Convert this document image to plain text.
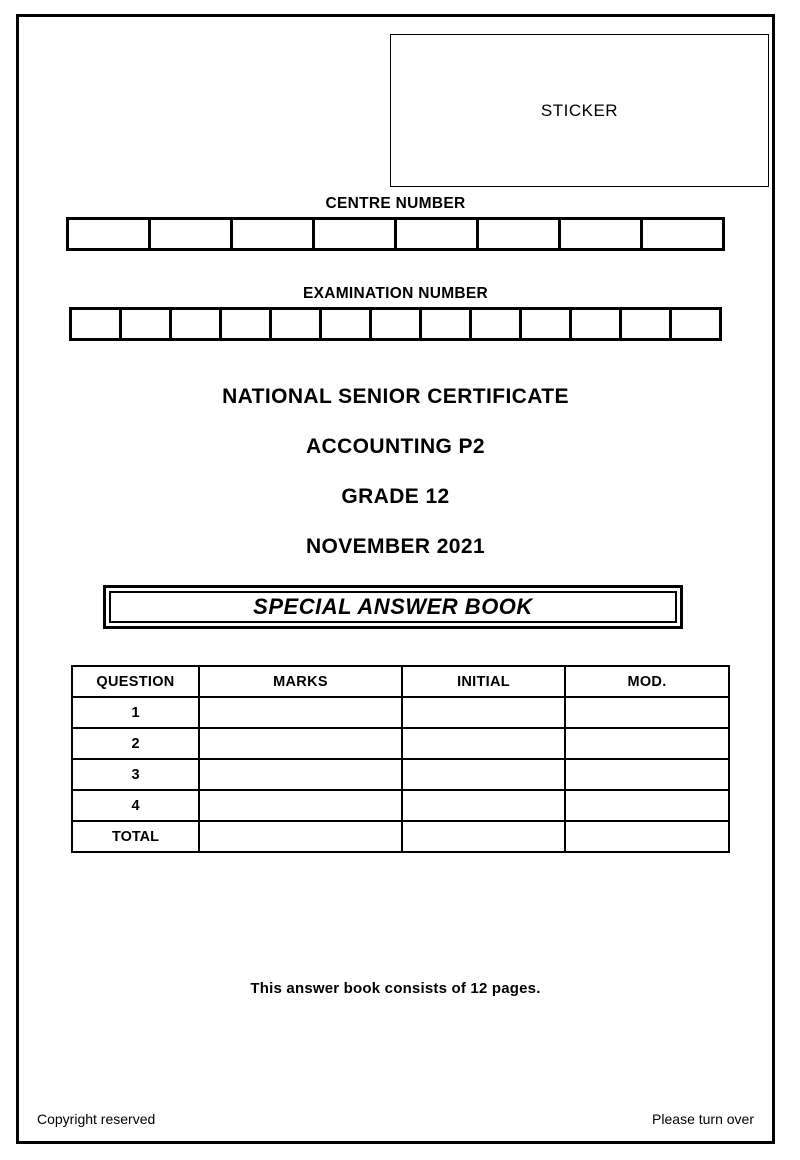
STICKER
CENTRE NUMBER
EXAMINATION NUMBER
NATIONAL SENIOR CERTIFICATE
ACCOUNTING P2
GRADE 12
NOVEMBER 2021
SPECIAL ANSWER BOOK
QUESTION	MARKS	INITIAL	MOD.
1			
2			
3			
4			
TOTAL			
This answer book consists of 12 pages.
Copyright reserved	Please turn over
